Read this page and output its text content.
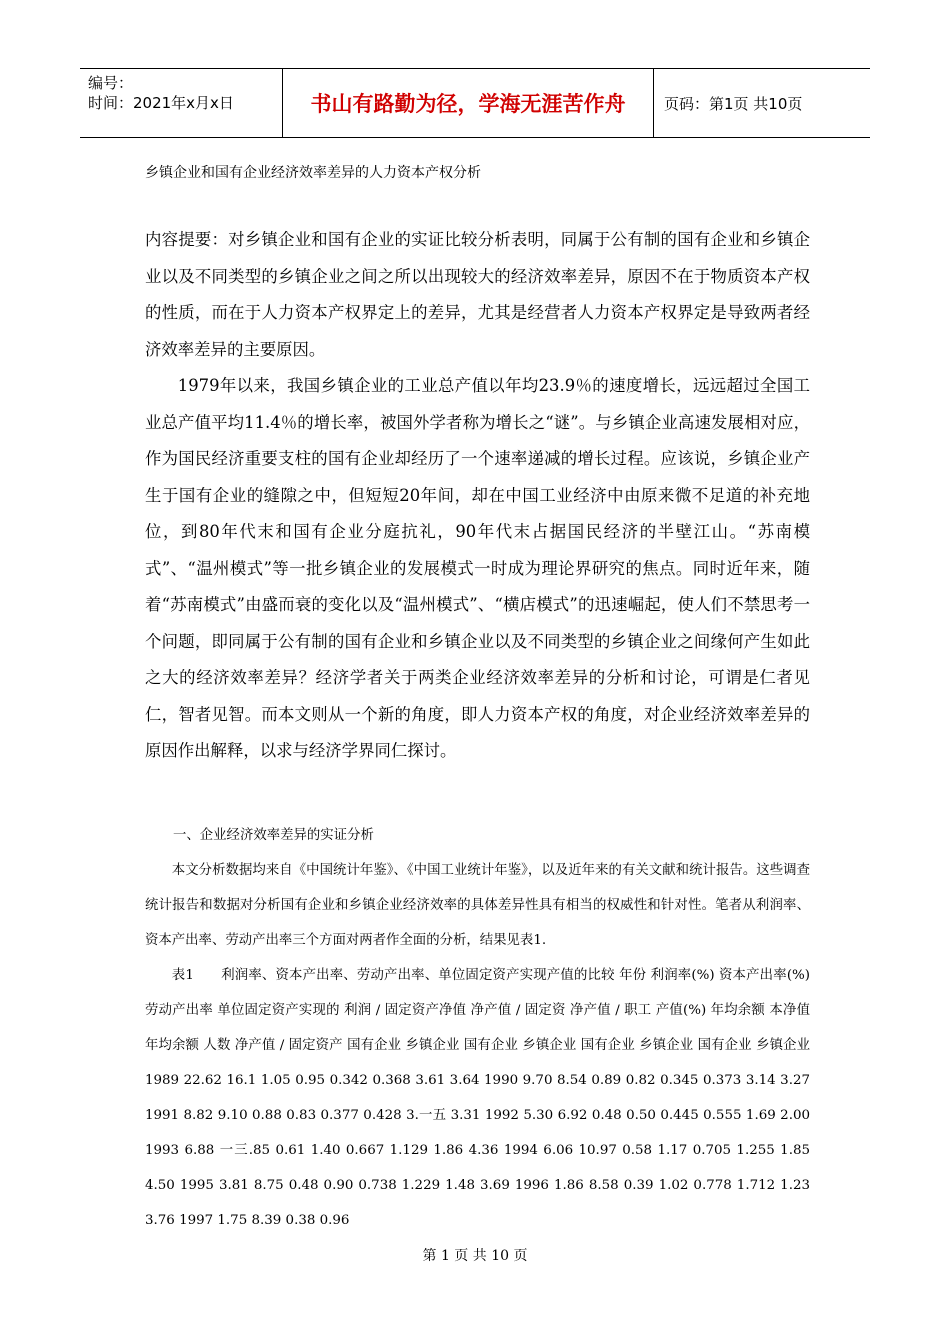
编号：
时间：2021年x月x日	书山有路勤为径，学海无涯苦作舟	页码：第1页 共10页
乡镇企业和国有企业经济效率差异的人力资本产权分析

内容提要：对乡镇企业和国有企业的实证比较分析表明，同属于公有制的国有企业和乡镇企业以及不同类型的乡镇企业之间之所以出现较大的经济效率差异，原因不在于物质资本产权的性质，而在于人力资本产权界定上的差异，尤其是经营者人力资本产权界定是导致两者经济效率差异的主要原因。

1979年以来，我国乡镇企业的工业总产值以年均23.9％的速度增长，远远超过全国工业总产值平均11.4％的增长率，被国外学者称为增长之“谜”。与乡镇企业高速发展相对应，作为国民经济重要支柱的国有企业却经历了一个速率递减的增长过程。应该说，乡镇企业产生于国有企业的缝隙之中，但短短20年间，却在中国工业经济中由原来微不足道的补充地位，到80年代末和国有企业分庭抗礼，90年代末占据国民经济的半壁江山。“苏南模式”、“温州模式”等一批乡镇企业的发展模式一时成为理论界研究的焦点。同时近年来，随着“苏南模式”由盛而衰的变化以及“温州模式”、“横店模式”的迅速崛起，使人们不禁思考一个问题，即同属于公有制的国有企业和乡镇企业以及不同类型的乡镇企业之间缘何产生如此之大的经济效率差异？经济学者关于两类企业经济效率差异的分析和讨论，可谓是仁者见仁，智者见智。而本文则从一个新的角度，即人力资本产权的角度，对企业经济效率差异的原因作出解释，以求与经济学界同仁探讨。

一、企业经济效率差异的实证分析

本文分析数据均来自《中国统计年鉴》、《中国工业统计年鉴》，以及近年来的有关文献和统计报告。这些调查统计报告和数据对分析国有企业和乡镇企业经济效率的具体差异性具有相当的权威性和针对性。笔者从利润率、资本产出率、劳动产出率三个方面对两者作全面的分析，结果见表1.

表1　　利润率、资本产出率、劳动产出率、单位固定资产实现产值的比较 年份 利润率(%) 资本产出率(%) 劳动产出率 单位固定资产实现的 利润 / 固定资产净值 净产值 / 固定资 净产值 / 职工 产值(%) 年均余额 本净值年均余额 人数 净产值 / 固定资产 国有企业 乡镇企业 国有企业 乡镇企业 国有企业 乡镇企业 国有企业 乡镇企业 1989 22.62 16.1 1.05 0.95 0.342 0.368 3.61 3.64 1990 9.70 8.54 0.89 0.82 0.345 0.373 3.14 3.27 1991 8.82 9.10 0.88 0.83 0.377 0.428 3.一五 3.31 1992 5.30 6.92 0.48 0.50 0.445 0.555 1.69 2.00 1993 6.88 一三.85 0.61 1.40 0.667 1.129 1.86 4.36 1994 6.06 10.97 0.58 1.17 0.705 1.255 1.85 4.50 1995 3.81 8.75 0.48 0.90 0.738 1.229 1.48 3.69 1996 1.86 8.58 0.39 1.02 0.778 1.712 1.23 3.76 1997 1.75 8.39 0.38 0.96

第 1 页 共 10 页
